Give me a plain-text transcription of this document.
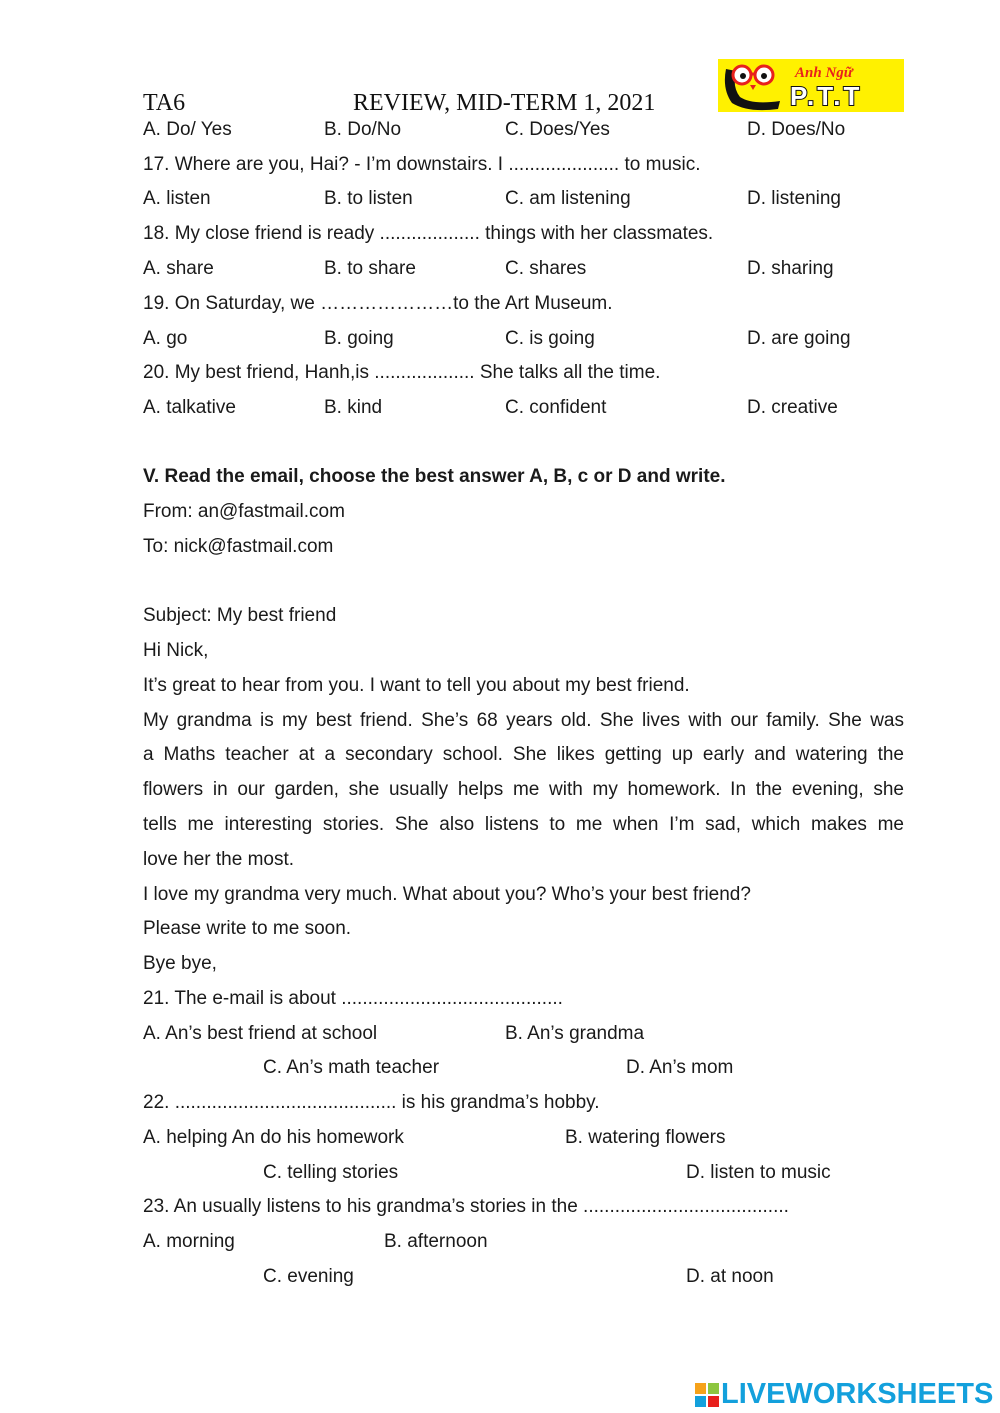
TA6	REVIEW, MID-TERM 1, 2021
Anh Ngữ
P.T.T
A. Do/ Yes	B. Do/No	C. Does/Yes	D. Does/No
17. Where are you, Hai? - I’m downstairs. I ..................... to music.
A. listen	B. to listen	C. am listening	D. listening
18. My close friend is ready ................... things with her classmates.
A. share	B. to share	C. shares	D. sharing
19. On Saturday, we …………………to the Art Museum.
A. go	B. going	C. is going	D. are going
20. My best friend, Hanh,is ................... She talks all the time.
A. talkative	B. kind	C. confident	D. creative
V. Read the email, choose the best answer A, B, c or D and write.
From: an@fastmail.com
To: nick@fastmail.com
Subject: My best friend
Hi Nick,
It’s great to hear from you. I want to tell you about my best friend.
My grandma is my best friend. She’s 68 years old. She lives with our family. She was
a Maths teacher at a secondary school. She likes getting up early and watering the
flowers in our garden, she usually helps me with my homework. In the evening, she
tells me interesting stories. She also listens to me when I’m sad, which makes me
love her the most.
I love my grandma very much. What about you? Who’s your best friend?
Please write to me soon.
Bye bye,
21. The e-mail is about ..........................................
A. An’s best friend at school	B. An’s grandma
C. An’s math teacher	D. An’s mom
22. .......................................... is his grandma’s hobby.
A. helping An do his homework	B. watering flowers
C. telling stories	D. listen to music
23. An usually listens to his grandma’s stories in the .......................................
A. morning	B. afternoon
C. evening	D. at noon
LIVEWORKSHEETS
